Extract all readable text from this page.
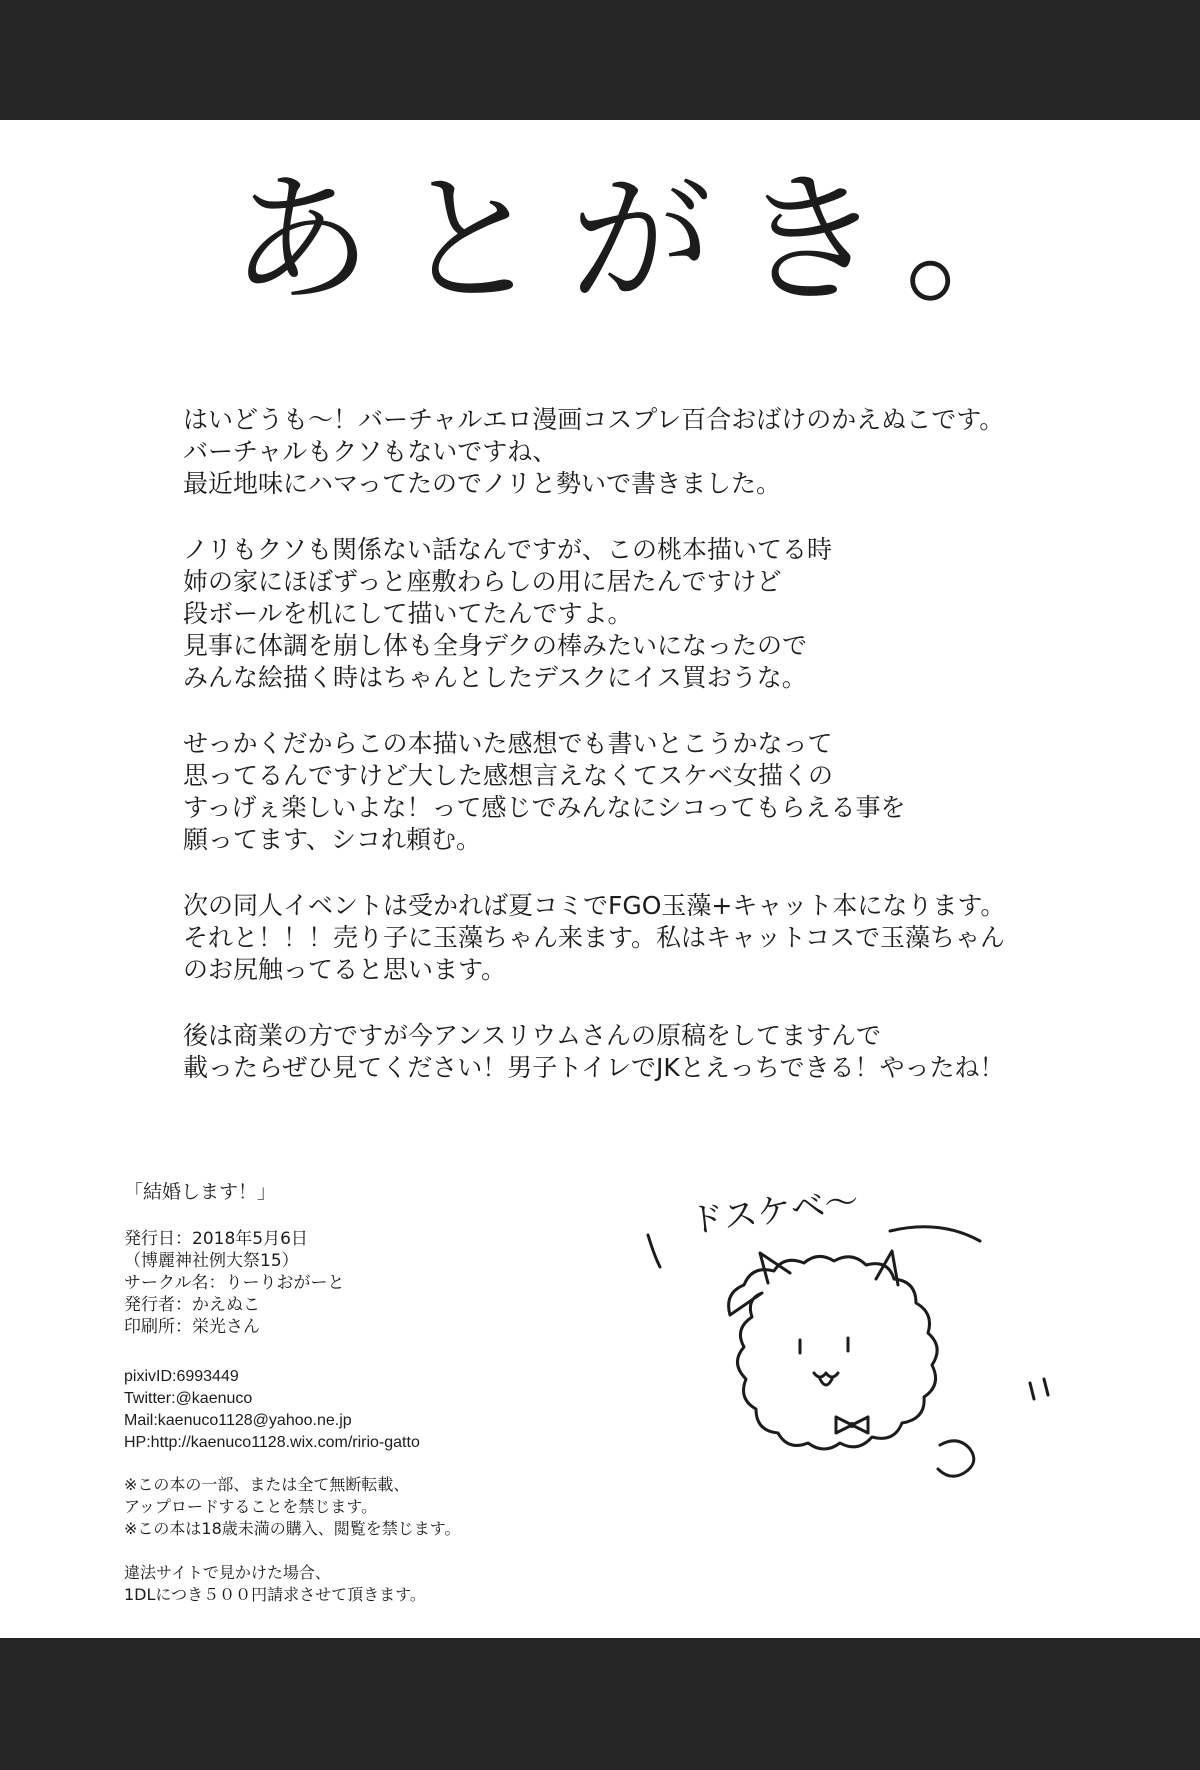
あとがき。
はいどうも～！バーチャルエロ漫画コスプレ百合おばけのかえぬこです。
バーチャルもクソもないですね、
最近地味にハマってたのでノリと勢いで書きました。
ノリもクソも関係ない話なんですが、この桃本描いてる時
姉の家にほぼずっと座敷わらしの用に居たんですけど
段ボールを机にして描いてたんですよ。
見事に体調を崩し体も全身デクの棒みたいになったので
みんな絵描く時はちゃんとしたデスクにイス買おうな。
せっかくだからこの本描いた感想でも書いとこうかなって
思ってるんですけど大した感想言えなくてスケベ女描くの
すっげぇ楽しいよな！って感じでみんなにシコってもらえる事を
願ってます、シコれ頼む。
次の同人イベントは受かれば夏コミでFGO玉藻+キャット本になります。
それと！！！売り子に玉藻ちゃん来ます。私はキャットコスで玉藻ちゃん
のお尻触ってると思います。
後は商業の方ですが今アンスリウムさんの原稿をしてますんで
載ったらぜひ見てください！男子トイレでJKとえっちできる！やったね！
「結婚します！」
発行日：2018年5月6日
（博麗神社例大祭15）
サークル名：りーりおがーと
発行者：かえぬこ
印刷所：栄光さん
pixivID:6993449
Twitter:@kaenuco
Mail:kaenuco1128@yahoo.ne.jp
HP:http://kaenuco1128.wix.com/ririo-gatto
※この本の一部、または全て無断転載、
アップロードすることを禁じます。
※この本は18歳未満の購入、閲覧を禁じます。
違法サイトで見かけた場合、
1DLにつき５００円請求させて頂きます。
ドスケベ～
